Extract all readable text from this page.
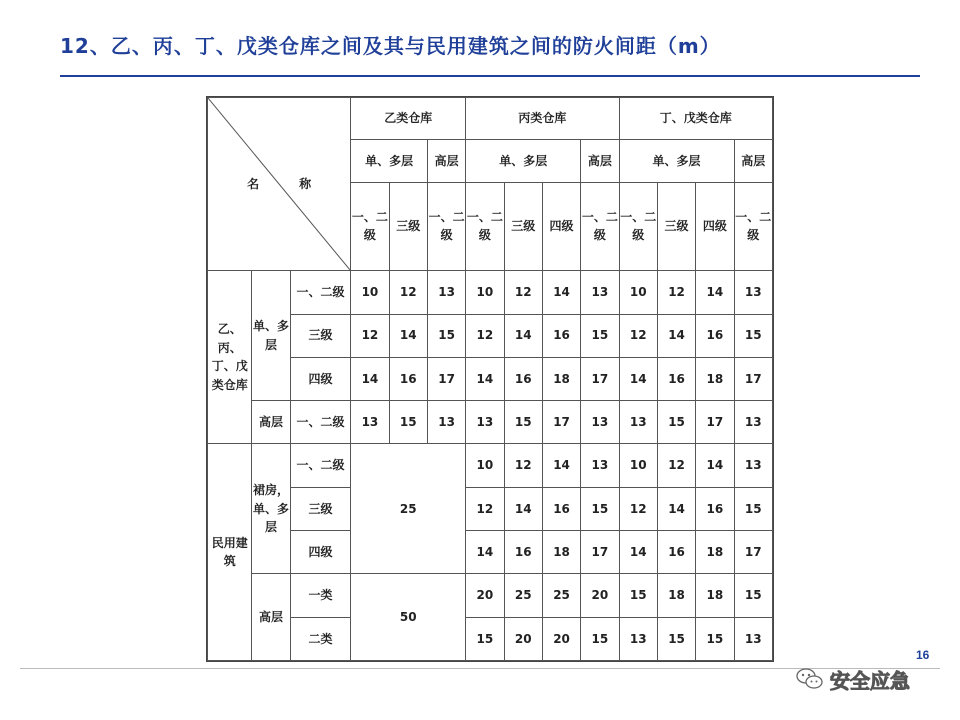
12、乙、丙、丁、戊类仓库之间及其与民用建筑之间的防火间距（m）
名称			乙类仓库			丙类仓库				丁、戊类仓库			
			单、多层		高层	单、多层			高层	单、多层			高层
			一、二级	三级	一、二级	一、二级	三级	四级	一、二级	一、二级	三级	四级	一、二级
乙、丙、丁、戊类仓库	单、多层	一、二级	10	12	13	10	12	14	13	10	12	14	13
		三级	12	14	15	12	14	16	15	12	14	16	15
		四级	14	16	17	14	16	18	17	14	16	18	17
	高层	一、二级	13	15	13	13	15	17	13	13	15	17	13
民用建筑	裙房，单、多层	一、二级	25			10	12	14	13	10	12	14	13
		三级				12	14	16	15	12	14	16	15
		四级				14	16	18	17	14	16	18	17
	高层	一类	50			20	25	25	20	15	18	18	15
		二类				15	20	20	15	13	15	15	13
16
安全应急
